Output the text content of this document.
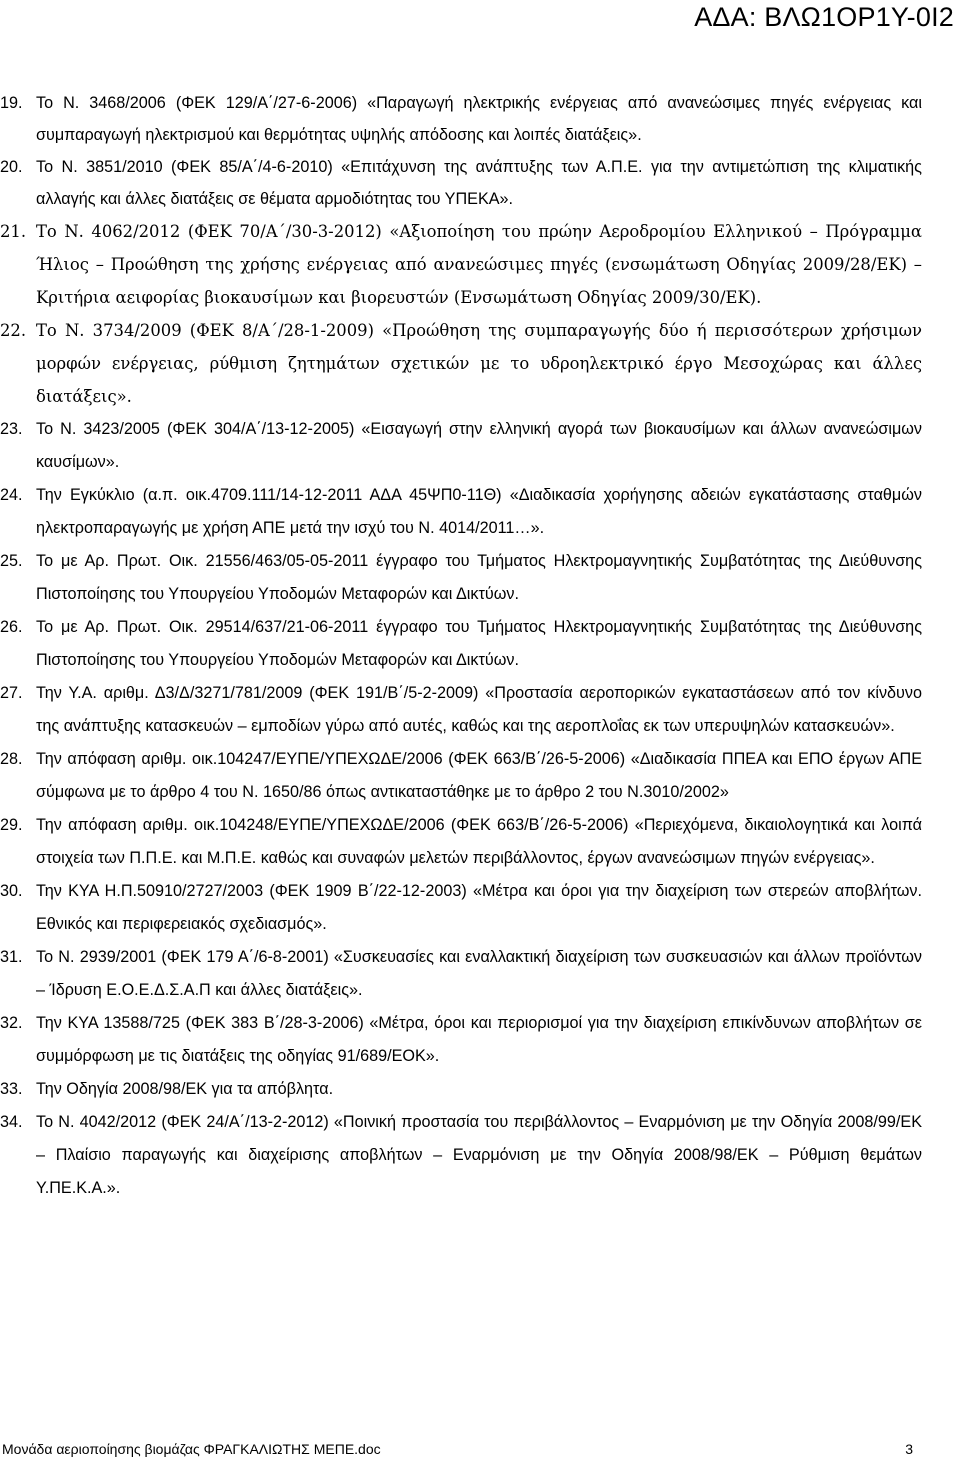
ΑΔΑ: ΒΛΩ1ΟΡ1Υ-0Ι2

19. Το Ν. 3468/2006 (ΦΕΚ 129/Α΄/27-6-2006) «Παραγωγή ηλεκτρικής ενέργειας από ανανεώσιμες πηγές ενέργειας και συμπαραγωγή ηλεκτρισμού και θερμότητας υψηλής απόδοσης και λοιπές διατάξεις».

20. Το Ν. 3851/2010 (ΦΕΚ 85/Α΄/4-6-2010) «Επιτάχυνση της ανάπτυξης των Α.Π.Ε. για την αντιμετώπιση της κλιματικής αλλαγής και άλλες διατάξεις σε θέματα αρμοδιότητας του ΥΠΕΚΑ».

21. Το Ν. 4062/2012 (ΦΕΚ 70/Α΄/30-3-2012) «Αξιοποίηση του πρώην Αεροδρομίου Ελληνικού – Πρόγραμμα Ήλιος – Προώθηση της χρήσης ενέργειας από ανανεώσιμες πηγές (ενσωμάτωση Οδηγίας 2009/28/ΕΚ) – Κριτήρια αειφορίας βιοκαυσίμων και βιορευστών (Ενσωμάτωση Οδηγίας 2009/30/ΕΚ).

22. Το Ν. 3734/2009 (ΦΕΚ 8/Α΄/28-1-2009) «Προώθηση της συμπαραγωγής δύο ή περισσότερων χρήσιμων μορφών ενέργειας, ρύθμιση ζητημάτων σχετικών με το υδροηλεκτρικό έργο Μεσοχώρας και άλλες διατάξεις».

23. Το Ν. 3423/2005 (ΦΕΚ 304/Α΄/13-12-2005) «Εισαγωγή στην ελληνική αγορά των βιοκαυσίμων και άλλων ανανεώσιμων καυσίμων».

24. Την Εγκύκλιο (α.π. οικ.4709.111/14-12-2011 ΑΔΑ 45ΨΠ0-11Θ) «Διαδικασία χορήγησης αδειών εγκατάστασης σταθμών ηλεκτροπαραγωγής με χρήση ΑΠΕ μετά την ισχύ του Ν. 4014/2011…».

25. Το με Αρ. Πρωτ. Οικ. 21556/463/05-05-2011 έγγραφο του Τμήματος Ηλεκτρομαγνητικής Συμβατότητας της Διεύθυνσης Πιστοποίησης του Υπουργείου Υποδομών Μεταφορών και Δικτύων.

26. Το με Αρ. Πρωτ. Οικ. 29514/637/21-06-2011 έγγραφο του Τμήματος Ηλεκτρομαγνητικής Συμβατότητας της Διεύθυνσης Πιστοποίησης του Υπουργείου Υποδομών Μεταφορών και Δικτύων.

27. Την Υ.Α. αριθμ. Δ3/Δ/3271/781/2009 (ΦΕΚ 191/Β΄/5-2-2009) «Προστασία αεροπορικών εγκαταστάσεων από τον κίνδυνο της ανάπτυξης κατασκευών – εμποδίων γύρω από αυτές, καθώς και της αεροπλοΐας εκ των υπερυψηλών κατασκευών».

28. Την απόφαση αριθμ. οικ.104247/ΕΥΠΕ/ΥΠΕΧΩΔΕ/2006 (ΦΕΚ 663/Β΄/26-5-2006) «Διαδικασία ΠΠΕΑ και ΕΠΟ έργων ΑΠΕ σύμφωνα με το άρθρο 4 του Ν. 1650/86 όπως αντικαταστάθηκε με το άρθρο 2 του Ν.3010/2002»

29. Την απόφαση αριθμ. οικ.104248/ΕΥΠΕ/ΥΠΕΧΩΔΕ/2006 (ΦΕΚ 663/Β΄/26-5-2006) «Περιεχόμενα, δικαιολογητικά και λοιπά στοιχεία των Π.Π.Ε. και Μ.Π.Ε. καθώς και συναφών μελετών περιβάλλοντος, έργων ανανεώσιμων πηγών ενέργειας».

30. Την ΚΥΑ Η.Π.50910/2727/2003 (ΦΕΚ 1909 Β΄/22-12-2003) «Μέτρα και όροι για την διαχείριση των στερεών αποβλήτων. Εθνικός και περιφερειακός σχεδιασμός».

31. Το Ν. 2939/2001 (ΦΕΚ 179 Α΄/6-8-2001) «Συσκευασίες και εναλλακτική διαχείριση των συσκευασιών και άλλων προϊόντων – Ίδρυση Ε.Ο.Ε.Δ.Σ.Α.Π και άλλες διατάξεις».

32. Την ΚΥΑ 13588/725 (ΦΕΚ 383 Β΄/28-3-2006) «Μέτρα, όροι και περιορισμοί για την διαχείριση επικίνδυνων αποβλήτων σε συμμόρφωση με τις διατάξεις της οδηγίας 91/689/ΕΟΚ».

33. Την Οδηγία 2008/98/ΕΚ για τα απόβλητα.

34. Το Ν. 4042/2012 (ΦΕΚ 24/Α΄/13-2-2012) «Ποινική προστασία του περιβάλλοντος – Εναρμόνιση με την Οδηγία 2008/99/ΕΚ – Πλαίσιο παραγωγής και διαχείρισης αποβλήτων – Εναρμόνιση με την Οδηγία 2008/98/ΕΚ – Ρύθμιση θεμάτων Υ.ΠΕ.Κ.Α.».

Μονάδα αεριοποίησης βιομάζας ΦΡΑΓΚΑΛΙΩΤΗΣ ΜΕΠΕ.doc	3
